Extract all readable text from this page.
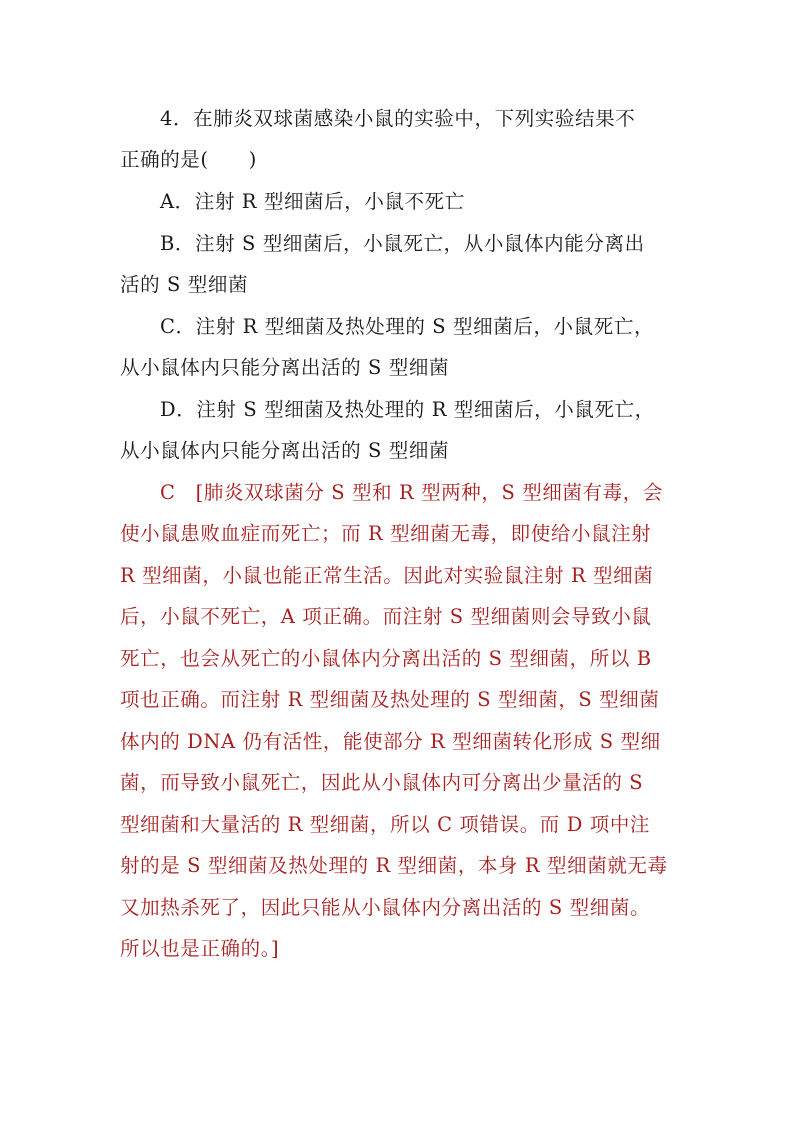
4．在肺炎双球菌感染小鼠的实验中，下列实验结果不
正确的是(　　)
A．注射 R 型细菌后，小鼠不死亡
B．注射 S 型细菌后，小鼠死亡，从小鼠体内能分离出
活的 S 型细菌
C．注射 R 型细菌及热处理的 S 型细菌后，小鼠死亡，
从小鼠体内只能分离出活的 S 型细菌
D．注射 S 型细菌及热处理的 R 型细菌后，小鼠死亡，
从小鼠体内只能分离出活的 S 型细菌
C　[肺炎双球菌分 S 型和 R 型两种，S 型细菌有毒，会
使小鼠患败血症而死亡；而 R 型细菌无毒，即使给小鼠注射
R 型细菌，小鼠也能正常生活。因此对实验鼠注射 R 型细菌
后，小鼠不死亡，A 项正确。而注射 S 型细菌则会导致小鼠
死亡，也会从死亡的小鼠体内分离出活的 S 型细菌，所以 B
项也正确。而注射 R 型细菌及热处理的 S 型细菌，S 型细菌
体内的 DNA 仍有活性，能使部分 R 型细菌转化形成 S 型细
菌，而导致小鼠死亡，因此从小鼠体内可分离出少量活的 S
型细菌和大量活的 R 型细菌，所以 C 项错误。而 D 项中注
射的是 S 型细菌及热处理的 R 型细菌，本身 R 型细菌就无毒
又加热杀死了，因此只能从小鼠体内分离出活的 S 型细菌。
所以也是正确的。]
